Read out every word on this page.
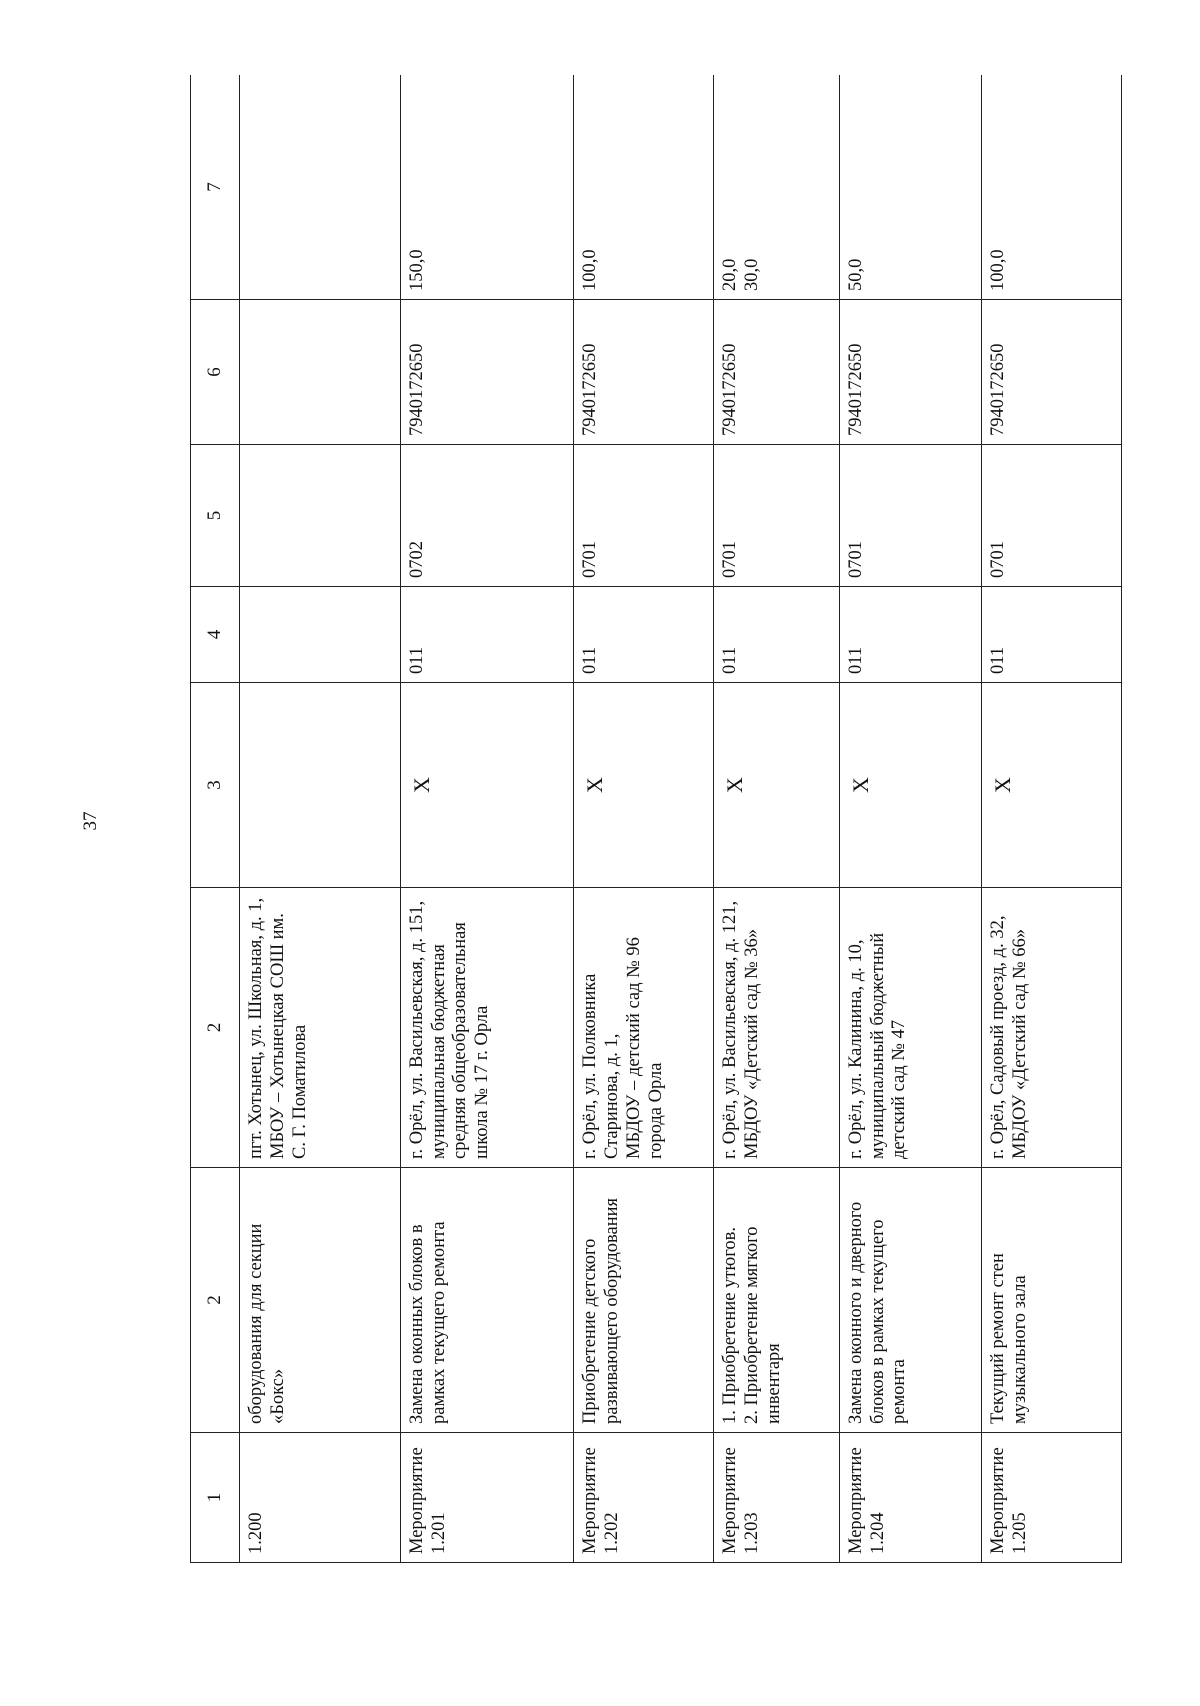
37
1	2	2	3	4	5	6	7
1.200	оборудования для секции «Бокс»	пгт. Хотынец, ул. Школьная, д. 1, МБОУ – Хотынецкая СОШ им. С. Г. Поматилова					

Мероприятие 1.201	Замена оконных блоков в рамках текущего ремонта	г. Орёл, ул. Васильевская, д. 151, муниципальная бюджетная средняя общеобразовательная школа № 17 г. Орла	X	011	0702	7940172650	150,0

Мероприятие 1.202	Приобретение детского развивающего оборудования	г. Орёл, ул. Полковника Старинова, д. 1, МБДОУ – детский сад № 96 города Орла	X	011	0701	7940172650	100,0

Мероприятие 1.203	1. Приобретение утюгов. 2. Приобретение мягкого инвентаря	г. Орёл, ул. Васильевская, д. 121, МБДОУ «Детский сад № 36»	X	011	0701	7940172650	20,0 30,0

Мероприятие 1.204	Замена оконного и дверного блоков в рамках текущего ремонта	г. Орёл, ул. Калинина, д. 10, муниципальный бюджетный детский сад № 47	X	011	0701	7940172650	50,0

Мероприятие 1.205	Текущий ремонт стен музыкального зала	г. Орёл, Садовый проезд, д. 32, МБДОУ «Детский сад № 66»	X	011	0701	7940172650	100,0
